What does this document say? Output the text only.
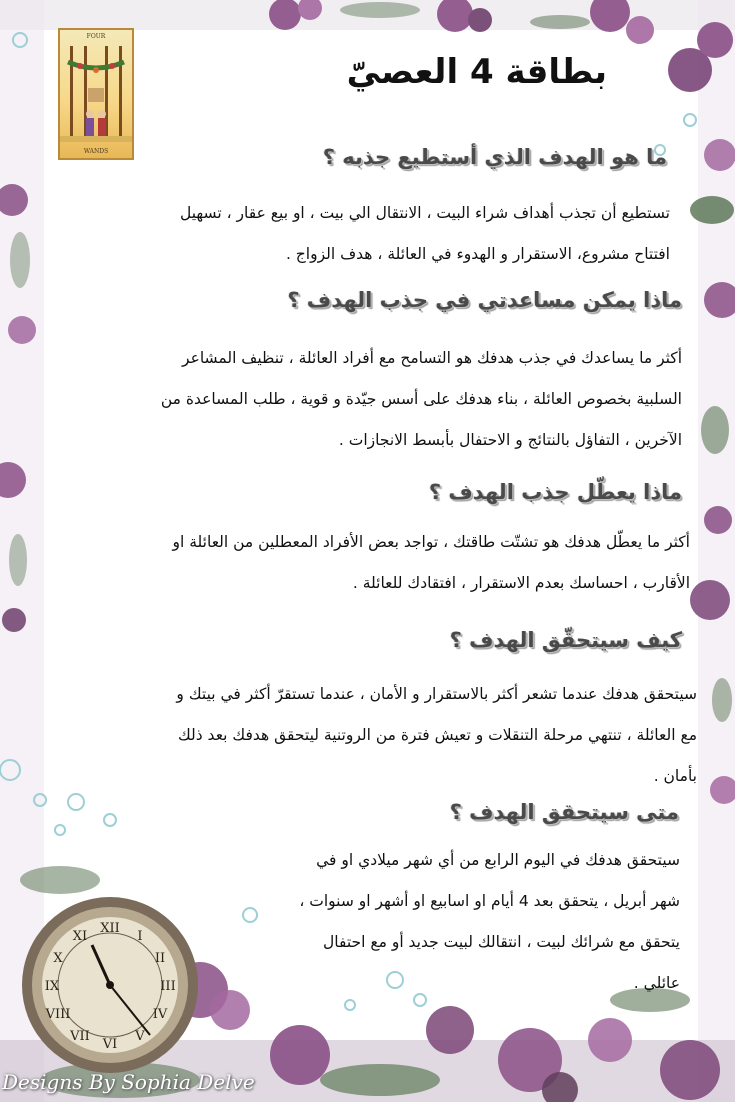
XII
I
II
III
IV
V
VI
VII
VIII
IX
X
XI
FOUR
WANDS
بطاقة 4 العصيّ
ما هو الهدف الذي أستطيع جذبه ؟

تستطيع أن تجذب أهداف شراء البيت ، الانتقال الي بيت ، او بيع عقار ، تسهيل

افتتاح مشروع، الاستقرار و الهدوء في العائلة ، هدف الزواج .

ماذا يمكن مساعدتي في جذب الهدف ؟

أكثر ما يساعدك في جذب هدفك هو التسامح مع أفراد العائلة ، تنظيف المشاعر

السلبية بخصوص العائلة ، بناء هدفك على أسس جيّدة و قوية ، طلب المساعدة من

الآخرين ، التفاؤل بالنتائج و الاحتفال بأبسط الانجازات .

ماذا يعطّل جذب الهدف ؟

أكثر ما يعطّل هدفك هو تشتّت طاقتك ، تواجد بعض الأفراد المعطلين من العائلة او

الأقارب ، احساسك بعدم الاستقرار ، افتقادك للعائلة .

كيف سيتحقّق الهدف ؟

سيتحقق هدفك عندما تشعر أكثر بالاستقرار و الأمان ، عندما تستقرّ أكثر في بيتك و

مع العائلة ، تنتهي مرحلة التنقلات و تعيش فترة من الروتنية ليتحقق هدفك بعد ذلك

بأمان .

متى سيتحقق الهدف ؟

سيتحقق هدفك في اليوم الرابع من أي شهر ميلادي او في

شهر أبريل ، يتحقق بعد 4 أيام او اسابيع او أشهر او سنوات ،

يتحقق مع شرائك لبيت ، انتقالك لبيت جديد أو مع احتفال

عائلي .

Designs By Sophia Delve
